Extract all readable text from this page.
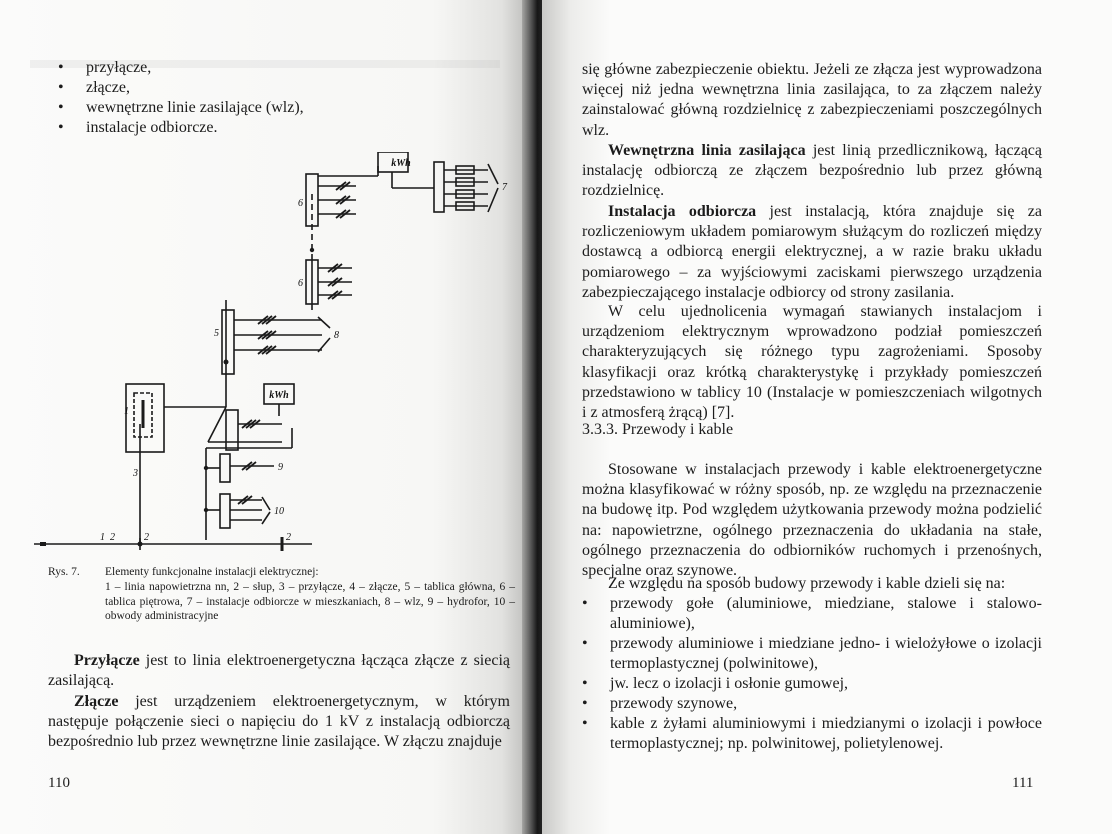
• przyłącze,
• złącze,
• wewnętrzne linie zasilające (wlz),
• instalacje odbiorcze.
kWh
kWh
1
2	2	2
1
3
5
6
6
7
8
9
10
Rys. 7. Elementy funkcjonalne instalacji elektrycznej:
1 – linia napowietrzna nn, 2 – słup, 3 – przyłącze, 4 – złącze, 5 – tablica główna, 6 – tablica piętrowa, 7 – instalacje odbiorcze w mieszkaniach, 8 – wlz, 9 – hydrofor, 10 – obwody administracyjne

Przyłącze jest to linia elektroenergetyczna łącząca złącze z siecią zasilającą.

Złącze jest urządzeniem elektroenergetycznym, w którym następuje połączenie sieci o napięciu do 1 kV z instalacją odbiorczą bezpośrednio lub przez wewnętrzne linie zasilające. W złączu znajduje

110

się główne zabezpieczenie obiektu. Jeżeli ze złącza jest wyprowadzona więcej niż jedna wewnętrzna linia zasilająca, to za złączem należy zainstalować główną rozdzielnicę z zabezpieczeniami poszczególnych wlz.

Wewnętrzna linia zasilająca jest linią przedlicznikową, łączącą instalację odbiorczą ze złączem bezpośrednio lub przez główną rozdzielnicę.

Instalacja odbiorcza jest instalacją, która znajduje się za rozliczeniowym układem pomiarowym służącym do rozliczeń między dostawcą a odbiorcą energii elektrycznej, a w razie braku układu pomiarowego – za wyjściowymi zaciskami pierwszego urządzenia zabezpieczającego instalacje odbiorcy od strony zasilania.

W celu ujednolicenia wymagań stawianych instalacjom i urządzeniom elektrycznym wprowadzono podział pomieszczeń charakteryzujących się różnego typu zagrożeniami. Sposoby klasyfikacji oraz krótką charakterystykę i przykłady pomieszczeń przedstawiono w tablicy 10 (Instalacje w pomieszczeniach wilgotnych i z atmosferą żrącą) [7].

3.3.3. Przewody i kable

Stosowane w instalacjach przewody i kable elektroenergetyczne można klasyfikować w różny sposób, np. ze względu na przeznaczenie na budowę itp. Pod względem użytkowania przewody można podzielić na: napowietrzne, ogólnego przeznaczenia do układania na stałe, ogólnego przeznaczenia do odbiorników ruchomych i przenośnych, specjalne oraz szynowe.

Ze względu na sposób budowy przewody i kable dzieli się na:

• przewody gołe (aluminiowe, miedziane, stalowe i stalowo-aluminiowe),
• przewody aluminiowe i miedziane jedno- i wielożyłowe o izolacji termoplastycznej (polwinitowe),
• jw. lecz o izolacji i osłonie gumowej,
• przewody szynowe,
• kable z żyłami aluminiowymi i miedzianymi o izolacji i powłoce termoplastycznej; np. polwinitowej, polietylenowej.
111
